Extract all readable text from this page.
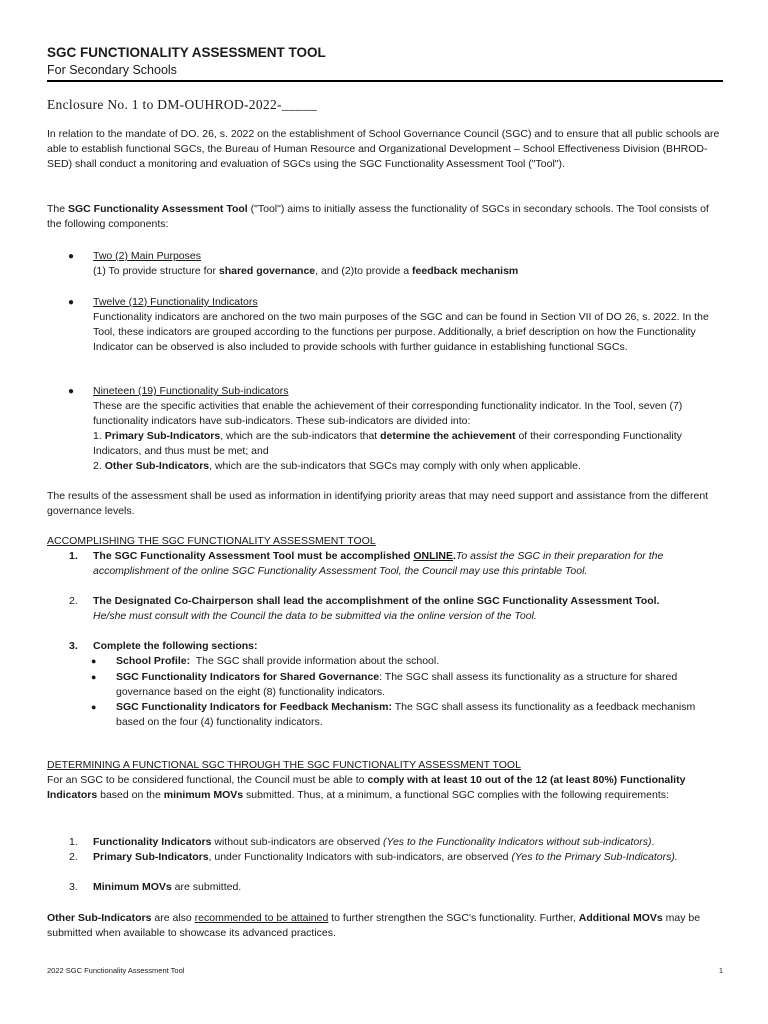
SGC FUNCTIONALITY ASSESSMENT TOOL
For Secondary Schools
Enclosure No. 1 to DM-OUHROD-2022-_____

In relation to the mandate of DO. 26, s. 2022 on the establishment of School Governance Council (SGC) and to ensure that all public schools are able to establish functional SGCs, the Bureau of Human Resource and Organizational Development – School Effectiveness Division (BHROD-SED) shall conduct a monitoring and evaluation of SGCs using the SGC Functionality Assessment Tool ("Tool").

The SGC Functionality Assessment Tool ("Tool") aims to initially assess the functionality of SGCs in secondary schools. The Tool consists of the following components:

● Two (2) Main Purposes
(1) To provide structure for shared governance, and (2)to provide a feedback mechanism
● Twelve (12) Functionality Indicators
Functionality indicators are anchored on the two main purposes of the SGC and can be found in Section VII of DO 26, s. 2022. In the Tool, these indicators are grouped according to the functions per purpose. Additionally, a brief description on how the Functionality Indicator can be observed is also included to provide schools with further guidance in establishing functional SGCs.
● Nineteen (19) Functionality Sub-indicators
These are the specific activities that enable the achievement of their corresponding functionality indicator. In the Tool, seven (7) functionality indicators have sub-indicators. These sub-indicators are divided into:
1. Primary Sub-Indicators, which are the sub-indicators that determine the achievement of their corresponding Functionality Indicators, and thus must be met; and
2. Other Sub-Indicators, which are the sub-indicators that SGCs may comply with only when applicable.

The results of the assessment shall be used as information in identifying priority areas that may need support and assistance from the different governance levels.

ACCOMPLISHING THE SGC FUNCTIONALITY ASSESSMENT TOOL
1. The SGC Functionality Assessment Tool must be accomplished ONLINE.To assist the SGC in their preparation for the accomplishment of the online SGC Functionality Assessment Tool, the Council may use this printable Tool.
2. The Designated Co-Chairperson shall lead the accomplishment of the online SGC Functionality Assessment Tool.
He/she must consult with the Council the data to be submitted via the online version of the Tool.
3. Complete the following sections:
● School Profile:  The SGC shall provide information about the school.
● SGC Functionality Indicators for Shared Governance: The SGC shall assess its functionality as a structure for shared governance based on the eight (8) functionality indicators.
● SGC Functionality Indicators for Feedback Mechanism: The SGC shall assess its functionality as a feedback mechanism based on the four (4) functionality indicators.
DETERMINING A FUNCTIONAL SGC THROUGH THE SGC FUNCTIONALITY ASSESSMENT TOOL

For an SGC to be considered functional, the Council must be able to comply with at least 10 out of the 12 (at least 80%) Functionality Indicators based on the minimum MOVs submitted. Thus, at a minimum, a functional SGC complies with the following requirements:

1. Functionality Indicators without sub-indicators are observed (Yes to the Functionality Indicators without sub-indicators).
2. Primary Sub-Indicators, under Functionality Indicators with sub-indicators, are observed (Yes to the Primary Sub-Indicators).
3. Minimum MOVs are submitted.

Other Sub-Indicators are also recommended to be attained to further strengthen the SGC's functionality. Further, Additional MOVs may be submitted when available to showcase its advanced practices.

2022 SGC Functionality Assessment Tool	1
